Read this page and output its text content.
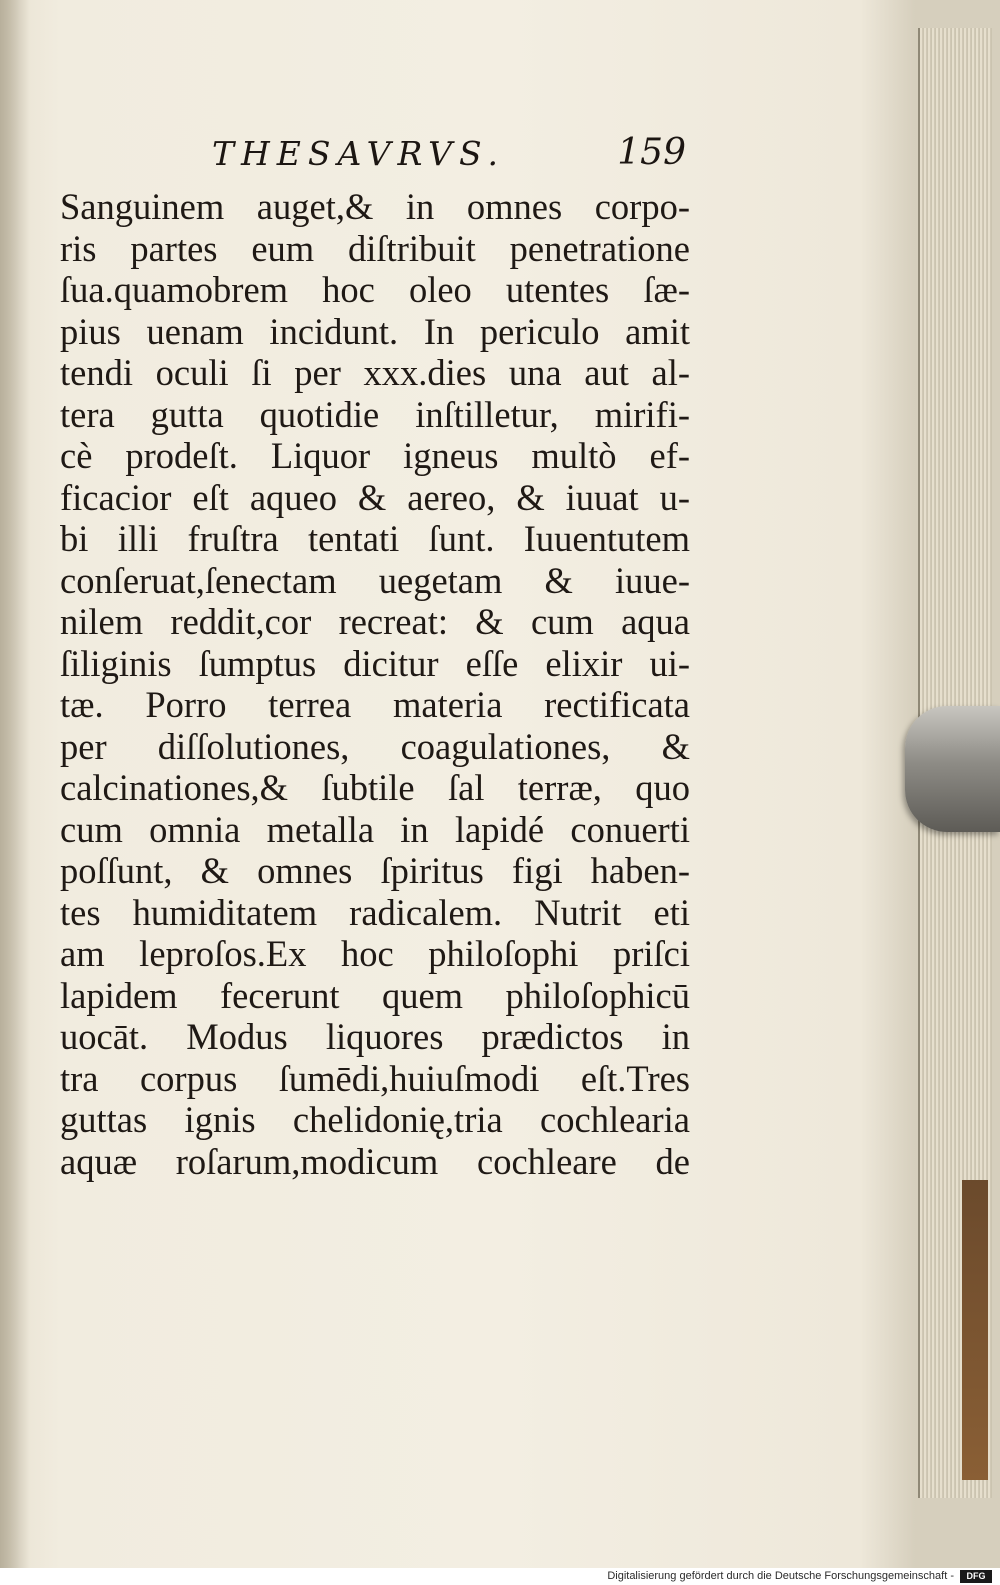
THESAVRVS.	159
Sanguinem auget,& in omnes corpo-
ris partes eum diſtribuit penetratione
ſua.quamobrem hoc oleo utentes ſæ-
pius uenam incidunt. In periculo amit
tendi oculi ſi per xxx.dies una aut al-
tera gutta quotidie inſtilletur, mirifi-
cè prodeſt. Liquor igneus multò ef-
ficacior eſt aqueo & aereo, & iuuat u-
bi illi fruſtra tentati ſunt. Iuuentutem
conſeruat,ſenectam uegetam & iuue-
nilem reddit,cor recreat: & cum aqua
ſiliginis ſumptus dicitur eſſe elixir ui-
tæ. Porro terrea materia rectificata
per diſſolutiones, coagulationes, &
calcinationes,& ſubtile ſal terræ, quo
cum omnia metalla in lapidé conuerti
poſſunt, & omnes ſpiritus figi haben-
tes humiditatem radicalem. Nutrit eti
am leproſos.Ex hoc philoſophi priſci
lapidem fecerunt quem philoſophicū
uocāt. Modus liquores prædictos in
tra corpus ſumēdi,huiuſmodi eſt.Tres
guttas ignis chelidonię,tria cochlearia
aquæ roſarum,modicum cochleare de
Digitalisierung gefördert durch die Deutsche Forschungsgemeinschaft -	DFG
